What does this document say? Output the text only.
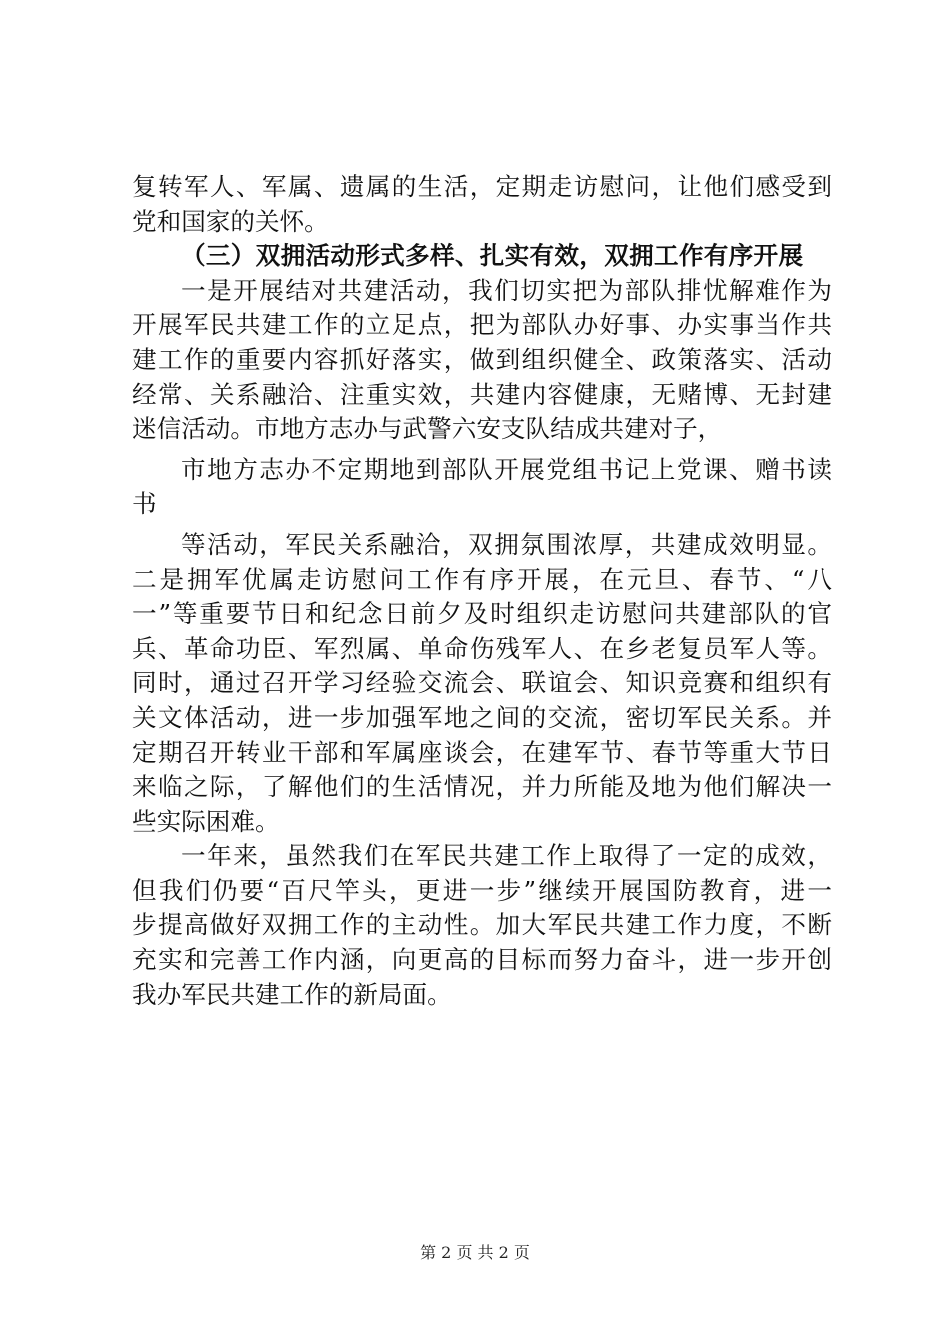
复转军人、军属、遗属的生活，定期走访慰问，让他们感受到
党和国家的关怀。
（三）双拥活动形式多样、扎实有效，双拥工作有序开展
一是开展结对共建活动，我们切实把为部队排忧解难作为
开展军民共建工作的立足点，把为部队办好事、办实事当作共
建工作的重要内容抓好落实，做到组织健全、政策落实、活动
经常、关系融洽、注重实效，共建内容健康，无赌博、无封建
迷信活动。市地方志办与武警六安支队结成共建对子，
市地方志办不定期地到部队开展党组书记上党课、赠书读
书
等活动，军民关系融洽，双拥氛围浓厚，共建成效明显。
二是拥军优属走访慰问工作有序开展，在元旦、春节、“八
一”等重要节日和纪念日前夕及时组织走访慰问共建部队的官
兵、革命功臣、军烈属、单命伤残军人、在乡老复员军人等。
同时，通过召开学习经验交流会、联谊会、知识竞赛和组织有
关文体活动，进一步加强军地之间的交流，密切军民关系。并
定期召开转业干部和军属座谈会，在建军节、春节等重大节日
来临之际，了解他们的生活情况，并力所能及地为他们解决一
些实际困难。
一年来，虽然我们在军民共建工作上取得了一定的成效，
但我们仍要“百尺竿头，更进一步”继续开展国防教育，进一
步提高做好双拥工作的主动性。加大军民共建工作力度，不断
充实和完善工作内涵，向更高的目标而努力奋斗，进一步开创
我办军民共建工作的新局面。
第 2 页 共 2 页
